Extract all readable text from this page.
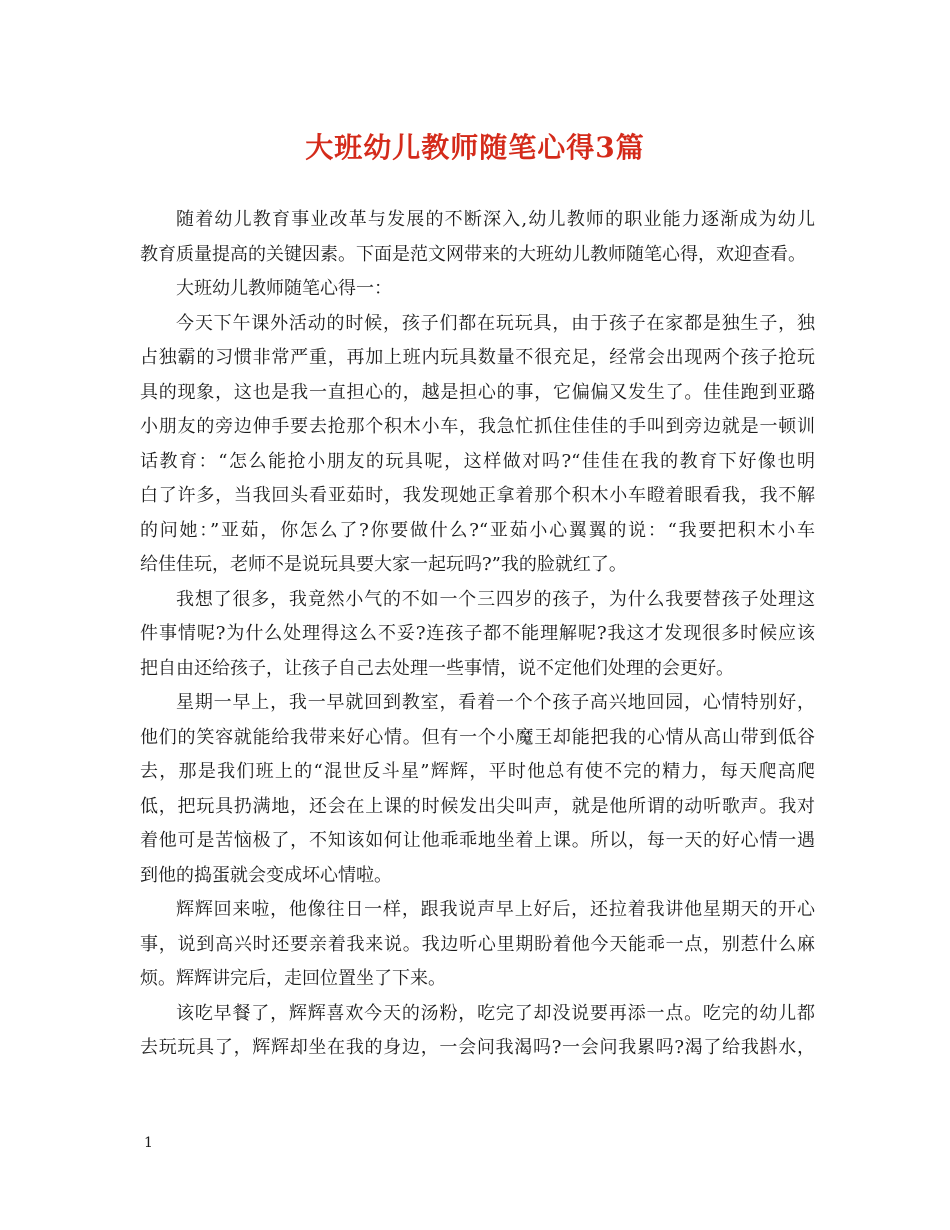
大班幼儿教师随笔心得3篇
随着幼儿教育事业改革与发展的不断深入,幼儿教师的职业能力逐渐成为幼儿
教育质量提高的关键因素。下面是范文网带来的大班幼儿教师随笔心得，欢迎查看。
大班幼儿教师随笔心得一：
今天下午课外活动的时候，孩子们都在玩玩具，由于孩子在家都是独生子，独
占独霸的习惯非常严重，再加上班内玩具数量不很充足，经常会出现两个孩子抢玩
具的现象，这也是我一直担心的，越是担心的事，它偏偏又发生了。佳佳跑到亚璐
小朋友的旁边伸手要去抢那个积木小车，我急忙抓住佳佳的手叫到旁边就是一顿训
话教育：“怎么能抢小朋友的玩具呢，这样做对吗?“佳佳在我的教育下好像也明
白了许多，当我回头看亚茹时，我发现她正拿着那个积木小车瞪着眼看我，我不解
的问她：”亚茹，你怎么了?你要做什么?“亚茹小心翼翼的说：“我要把积木小车
给佳佳玩，老师不是说玩具要大家一起玩吗?”我的脸就红了。
我想了很多，我竟然小气的不如一个三四岁的孩子，为什么我要替孩子处理这
件事情呢?为什么处理得这么不妥?连孩子都不能理解呢?我这才发现很多时候应该
把自由还给孩子，让孩子自己去处理一些事情，说不定他们处理的会更好。
星期一早上，我一早就回到教室，看着一个个孩子高兴地回园，心情特别好，
他们的笑容就能给我带来好心情。但有一个小魔王却能把我的心情从高山带到低谷
去，那是我们班上的“混世反斗星”辉辉，平时他总有使不完的精力，每天爬高爬
低，把玩具扔满地，还会在上课的时候发出尖叫声，就是他所谓的动听歌声。我对
着他可是苦恼极了，不知该如何让他乖乖地坐着上课。所以，每一天的好心情一遇
到他的捣蛋就会变成坏心情啦。
辉辉回来啦，他像往日一样，跟我说声早上好后，还拉着我讲他星期天的开心
事，说到高兴时还要亲着我来说。我边听心里期盼着他今天能乖一点，别惹什么麻
烦。辉辉讲完后，走回位置坐了下来。
该吃早餐了，辉辉喜欢今天的汤粉，吃完了却没说要再添一点。吃完的幼儿都
去玩玩具了，辉辉却坐在我的身边，一会问我渴吗?一会问我累吗?渴了给我斟水，
1
